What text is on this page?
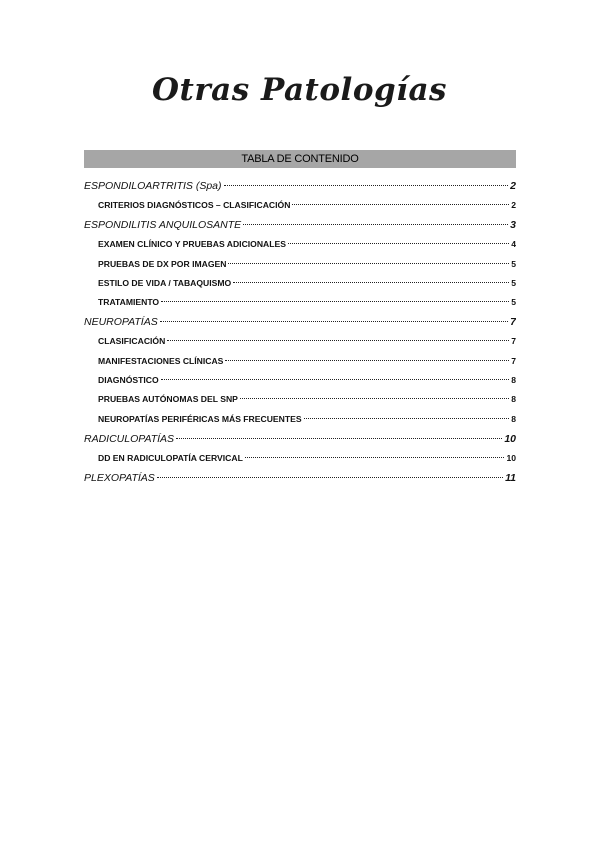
Otras Patologías
TABLA DE CONTENIDO
ESPONDILOARTRITIS (Spa)	2
CRITERIOS DIAGNÓSTICOS – CLASIFICACIÓN	2
ESPONDILITIS ANQUILOSANTE	3
EXAMEN CLÍNICO Y PRUEBAS ADICIONALES	4
PRUEBAS DE DX POR IMAGEN	5
ESTILO DE VIDA / TABAQUISMO	5
TRATAMIENTO	5
NEUROPATÍAS	7
CLASIFICACIÓN	7
MANIFESTACIONES CLÍNICAS	7
DIAGNÓSTICO	8
PRUEBAS AUTÓNOMAS DEL SNP	8
NEUROPATÍAS PERIFÉRICAS MÁS FRECUENTES	8
RADICULOPATÍAS	10
DD EN RADICULOPATÍA CERVICAL	10
PLEXOPATÍAS	11
